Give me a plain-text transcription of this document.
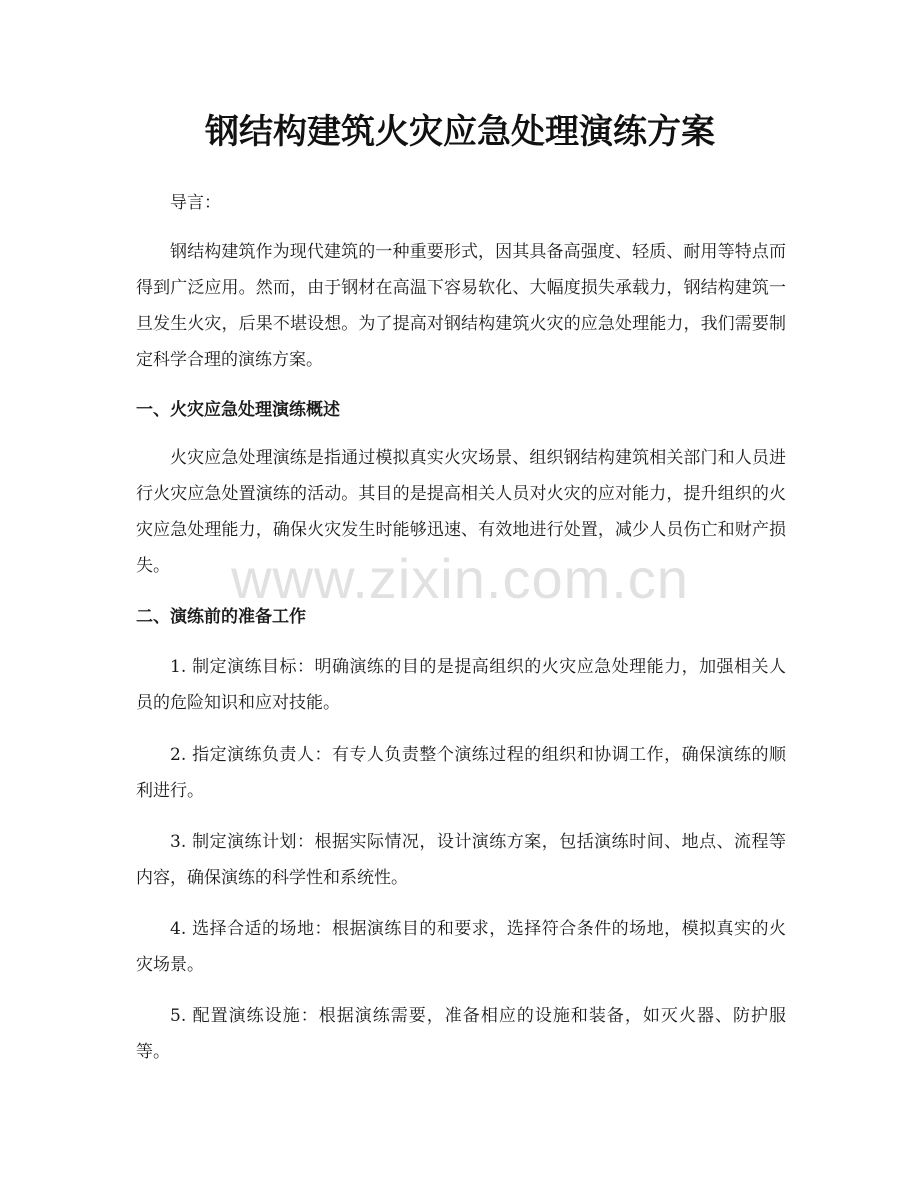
钢结构建筑火灾应急处理演练方案

导言：

钢结构建筑作为现代建筑的一种重要形式，因其具备高强度、轻质、耐用等特点而得到广泛应用。然而，由于钢材在高温下容易软化、大幅度损失承载力，钢结构建筑一旦发生火灾，后果不堪设想。为了提高对钢结构建筑火灾的应急处理能力，我们需要制定科学合理的演练方案。

一、火灾应急处理演练概述

火灾应急处理演练是指通过模拟真实火灾场景、组织钢结构建筑相关部门和人员进行火灾应急处置演练的活动。其目的是提高相关人员对火灾的应对能力，提升组织的火灾应急处理能力，确保火灾发生时能够迅速、有效地进行处置，减少人员伤亡和财产损失。

二、演练前的准备工作

1. 制定演练目标：明确演练的目的是提高组织的火灾应急处理能力，加强相关人员的危险知识和应对技能。

2. 指定演练负责人：有专人负责整个演练过程的组织和协调工作，确保演练的顺利进行。

3. 制定演练计划：根据实际情况，设计演练方案，包括演练时间、地点、流程等内容，确保演练的科学性和系统性。

4. 选择合适的场地：根据演练目的和要求，选择符合条件的场地，模拟真实的火灾场景。

5. 配置演练设施：根据演练需要，准备相应的设施和装备，如灭火器、防护服等。

www.zixin.com.cn
